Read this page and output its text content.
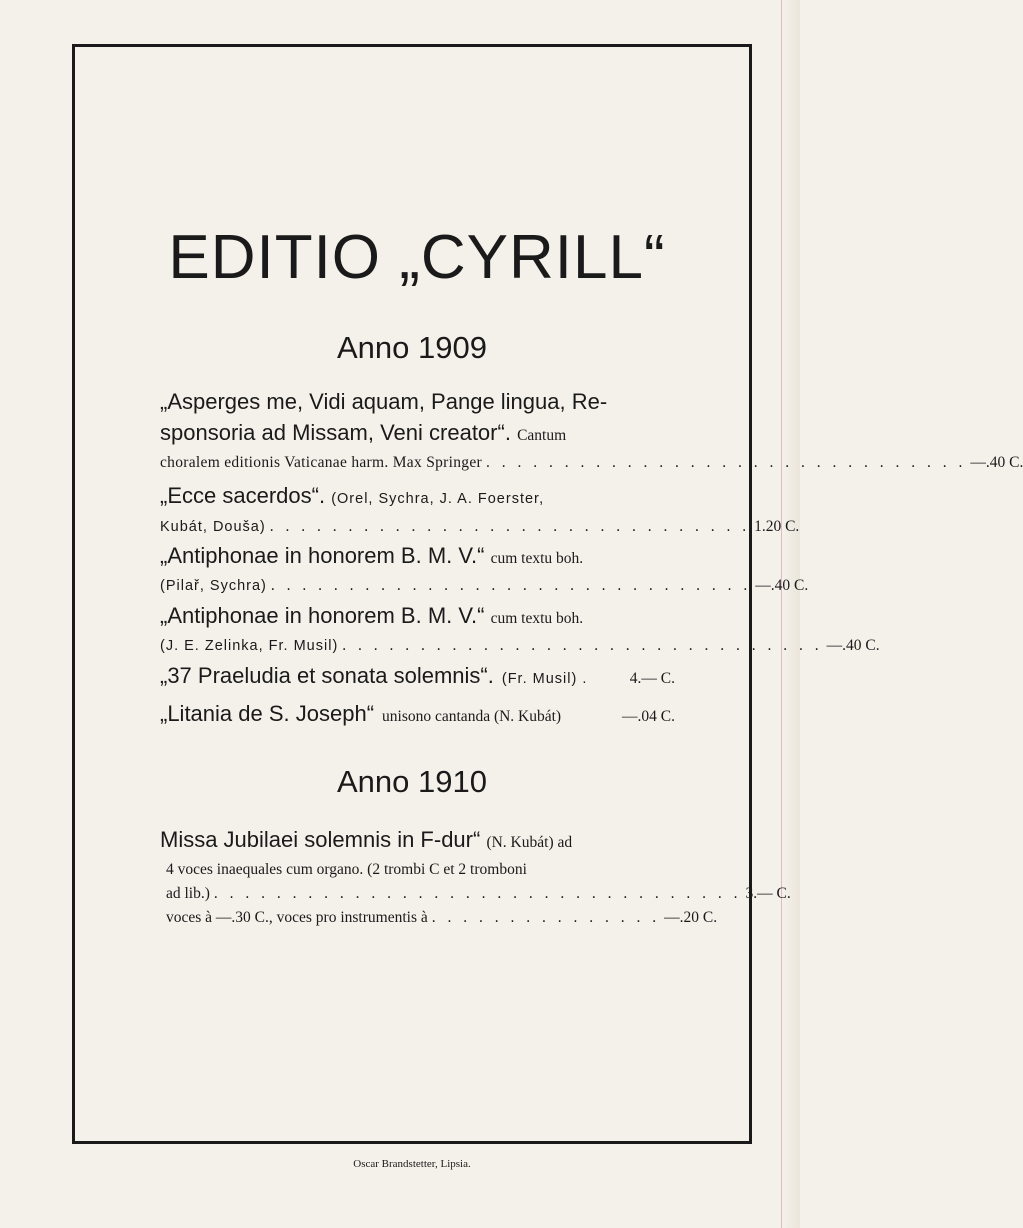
EDITIO „CYRILL“
Anno 1909
„Asperges me, Vidi aquam, Pange lingua, Re-
sponsoria ad Missam, Veni creator“. Cantum
choralem editionis Vaticanae harm. Max Springer . . . . . . . . . . . . . . . . . . . . . . . . . . . . . . . —.40 C.
„Ecce sacerdos“. (Orel, Sychra, J. A. Foerster,
Kubát, Douša) . . . . . . . . . . . . . . . . . . . . . . . . . . . . . . . 1.20 C.
„Antiphonae in honorem B. M. V.“ cum textu boh.
(Pilař, Sychra) . . . . . . . . . . . . . . . . . . . . . . . . . . . . . . . —.40 C.
„Antiphonae in honorem B. M. V.“ cum textu boh.
(J. E. Zelinka, Fr. Musil) . . . . . . . . . . . . . . . . . . . . . . . . . . . . . . . —.40 C.
„37 Praeludia et sonata solemnis“. (Fr. Musil) .	4.— C.
„Litania de S. Joseph“ unisono cantanda (N. Kubát)	—.04 C.
Anno 1910
Missa Jubilaei solemnis in F-dur“ (N. Kubát) ad
4 voces inaequales cum organo. (2 trombi C et 2 tromboni
ad lib.) . . . . . . . . . . . . . . . . . . . . . . . . . . . . . . . . . . 3.— C.
voces à —.30 C., voces pro instrumentis à . . . . . . . . . . . . . . . —.20 C.
Oscar Brandstetter, Lipsia.
